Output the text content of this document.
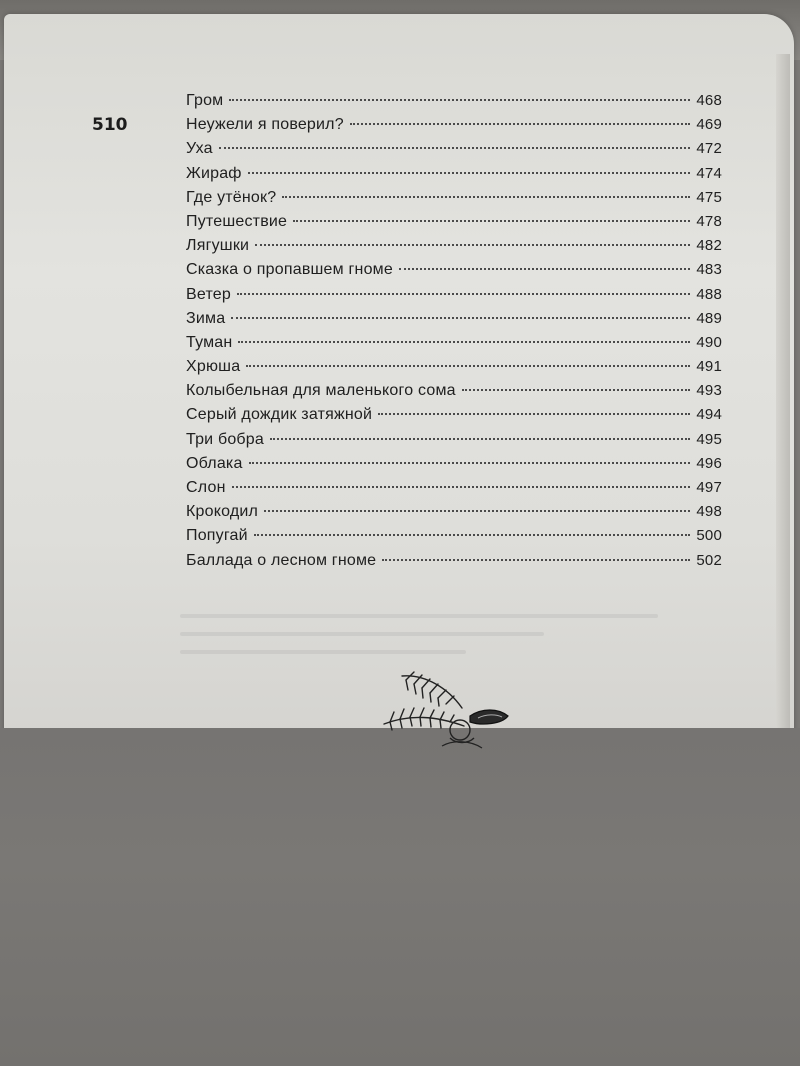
510
Гром	468
Неужели я поверил?	469
Уха	472
Жираф	474
Где утёнок?	475
Путешествие	478
Лягушки	482
Сказка о пропавшем гноме	483
Ветер	488
Зима	489
Туман	490
Хрюша	491
Колыбельная для маленького сома	493
Серый дождик затяжной	494
Три бобра	495
Облака	496
Слон	497
Крокодил	498
Попугай	500
Баллада о лесном гноме	502
